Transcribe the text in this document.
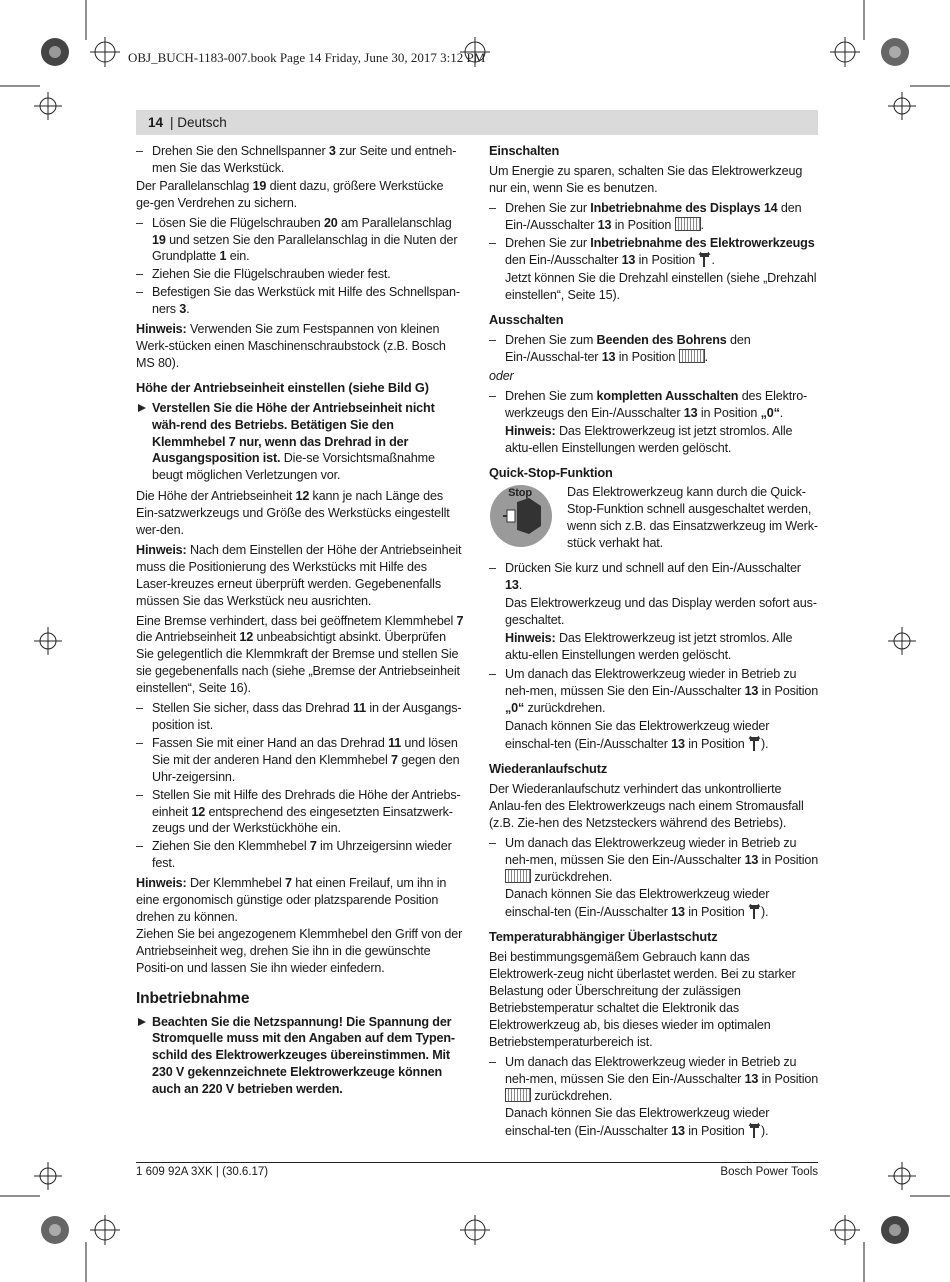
OBJ_BUCH-1183-007.book Page 14 Friday, June 30, 2017 3:12 PM
14 | Deutsch
– Drehen Sie den Schnellspanner 3 zur Seite und entneh-men Sie das Werkstück.

Der Parallelanschlag 19 dient dazu, größere Werkstücke ge-gen Verdrehen zu sichern.

– Lösen Sie die Flügelschrauben 20 am Parallelanschlag 19 und setzen Sie den Parallelanschlag in die Nuten der Grundplatte 1 ein.
– Ziehen Sie die Flügelschrauben wieder fest.
– Befestigen Sie das Werkstück mit Hilfe des Schnellspan-ners 3.

Hinweis: Verwenden Sie zum Festspannen von kleinen Werk-stücken einen Maschinenschraubstock (z.B. Bosch MS 80).

Höhe der Antriebseinheit einstellen (siehe Bild G)
Verstellen Sie die Höhe der Antriebseinheit nicht wäh-rend des Betriebs. Betätigen Sie den Klemmhebel 7 nur, wenn das Drehrad in der Ausgangsposition ist. Die-se Vorsichtsmaßnahme beugt möglichen Verletzungen vor.

Die Höhe der Antriebseinheit 12 kann je nach Länge des Ein-satzwerkzeugs und Größe des Werkstücks eingestellt wer-den.

Hinweis: Nach dem Einstellen der Höhe der Antriebseinheit muss die Positionierung des Werkstücks mit Hilfe des Laser-kreuzes erneut überprüft werden. Gegebenenfalls müssen Sie das Werkstück neu ausrichten.

Eine Bremse verhindert, dass bei geöffnetem Klemmhebel 7 die Antriebseinheit 12 unbeabsichtigt absinkt. Überprüfen Sie gelegentlich die Klemmkraft der Bremse und stellen Sie sie gegebenenfalls nach (siehe „Bremse der Antriebseinheit einstellen“, Seite 16).

– Stellen Sie sicher, dass das Drehrad 11 in der Ausgangs-position ist.
– Fassen Sie mit einer Hand an das Drehrad 11 und lösen Sie mit der anderen Hand den Klemmhebel 7 gegen den Uhr-zeigersinn.
– Stellen Sie mit Hilfe des Drehrads die Höhe der Antriebs-einheit 12 entsprechend des eingesetzten Einsatzwerk-zeugs und der Werkstückhöhe ein.
– Ziehen Sie den Klemmhebel 7 im Uhrzeigersinn wieder fest.

Hinweis: Der Klemmhebel 7 hat einen Freilauf, um ihn in eine ergonomisch günstige oder platzsparende Position drehen zu können.

Ziehen Sie bei angezogenem Klemmhebel den Griff von der Antriebseinheit weg, drehen Sie ihn in die gewünschte Positi-on und lassen Sie ihn wieder einfedern.

Inbetriebnahme
Beachten Sie die Netzspannung! Die Spannung der Stromquelle muss mit den Angaben auf dem Typen-schild des Elektrowerkzeuges übereinstimmen. Mit 230 V gekennzeichnete Elektrowerkzeuge können auch an 220 V betrieben werden.
Einschalten

Um Energie zu sparen, schalten Sie das Elektrowerkzeug nur ein, wenn Sie es benutzen.

– Drehen Sie zur Inbetriebnahme des Displays 14 den Ein-/Ausschalter 13 in Position .
– Drehen Sie zur Inbetriebnahme des Elektrowerkzeugs den Ein-/Ausschalter 13 in Position .
Jetzt können Sie die Drehzahl einstellen (siehe „Drehzahl einstellen“, Seite 15).
Ausschalten
– Drehen Sie zum Beenden des Bohrens den Ein-/Ausschal-ter 13 in Position .

oder

– Drehen Sie zum kompletten Ausschalten des Elektro-werkzeugs den Ein-/Ausschalter 13 in Position „0“.
Hinweis: Das Elektrowerkzeug ist jetzt stromlos. Alle aktu-ellen Einstellungen werden gelöscht.
Quick-Stop-Funktion
Stop	Das Elektrowerkzeug kann durch die Quick-Stop-Funktion schnell ausgeschaltet werden, wenn sich z.B. das Einsatzwerkzeug im Werk-stück verhakt hat.
– Drücken Sie kurz und schnell auf den Ein-/Ausschalter 13.
Das Elektrowerkzeug und das Display werden sofort aus-geschaltet.
Hinweis: Das Elektrowerkzeug ist jetzt stromlos. Alle aktu-ellen Einstellungen werden gelöscht.
– Um danach das Elektrowerkzeug wieder in Betrieb zu neh-men, müssen Sie den Ein-/Ausschalter 13 in Position „0“ zurückdrehen.
Danach können Sie das Elektrowerkzeug wieder einschal-ten (Ein-/Ausschalter 13 in Position ).
Wiederanlaufschutz

Der Wiederanlaufschutz verhindert das unkontrollierte Anlau-fen des Elektrowerkzeugs nach einem Stromausfall (z.B. Zie-hen des Netzsteckers während des Betriebs).

– Um danach das Elektrowerkzeug wieder in Betrieb zu neh-men, müssen Sie den Ein-/Ausschalter 13 in Position  zurückdrehen.
Danach können Sie das Elektrowerkzeug wieder einschal-ten (Ein-/Ausschalter 13 in Position ).
Temperaturabhängiger Überlastschutz

Bei bestimmungsgemäßem Gebrauch kann das Elektrowerk-zeug nicht überlastet werden. Bei zu starker Belastung oder Überschreitung der zulässigen Betriebstemperatur schaltet die Elektronik das Elektrowerkzeug ab, bis dieses wieder im optimalen Betriebstemperaturbereich ist.

– Um danach das Elektrowerkzeug wieder in Betrieb zu neh-men, müssen Sie den Ein-/Ausschalter 13 in Position  zurückdrehen.
Danach können Sie das Elektrowerkzeug wieder einschal-ten (Ein-/Ausschalter 13 in Position ).
1 609 92A 3XK | (30.6.17)	Bosch Power Tools
